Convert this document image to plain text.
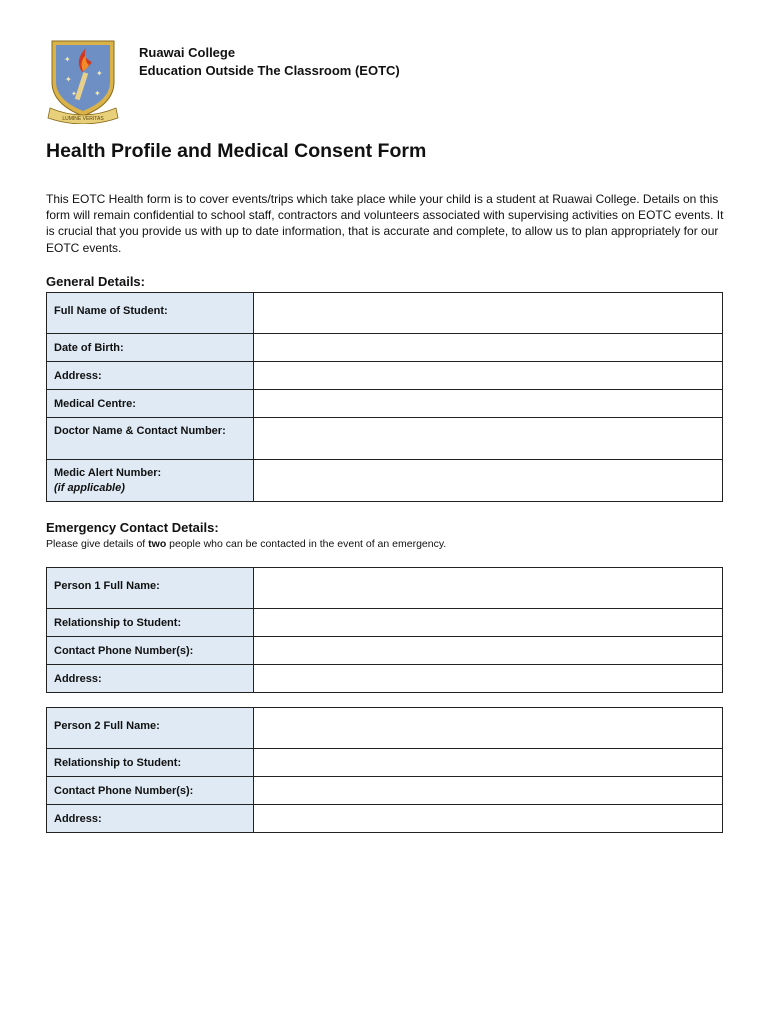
✦
✦
✦
✦
✦
LUMINE VERITAS
Ruawai College
Education Outside The Classroom (EOTC)
Health Profile and Medical Consent Form

This EOTC Health form is to cover events/trips which take place while your child is a student at Ruawai College. Details on this form will remain confidential to school staff, contractors and volunteers associated with supervising activities on EOTC events. It is crucial that you provide us with up to date information, that is accurate and complete, to allow us to plan appropriately for our EOTC events.

General Details:
Full Name of Student:	
Date of Birth:	
Address:	
Medical Centre:	
Doctor Name & Contact Number:	

Medic Alert Number:
(if applicable)	

Emergency Contact Details:
Please give details of two people who can be contacted in the event of an emergency.
Person 1 Full Name:	
Relationship to Student:	
Contact Phone Number(s):	
Address:	
Person 2 Full Name:	
Relationship to Student:	
Contact Phone Number(s):	
Address:	
